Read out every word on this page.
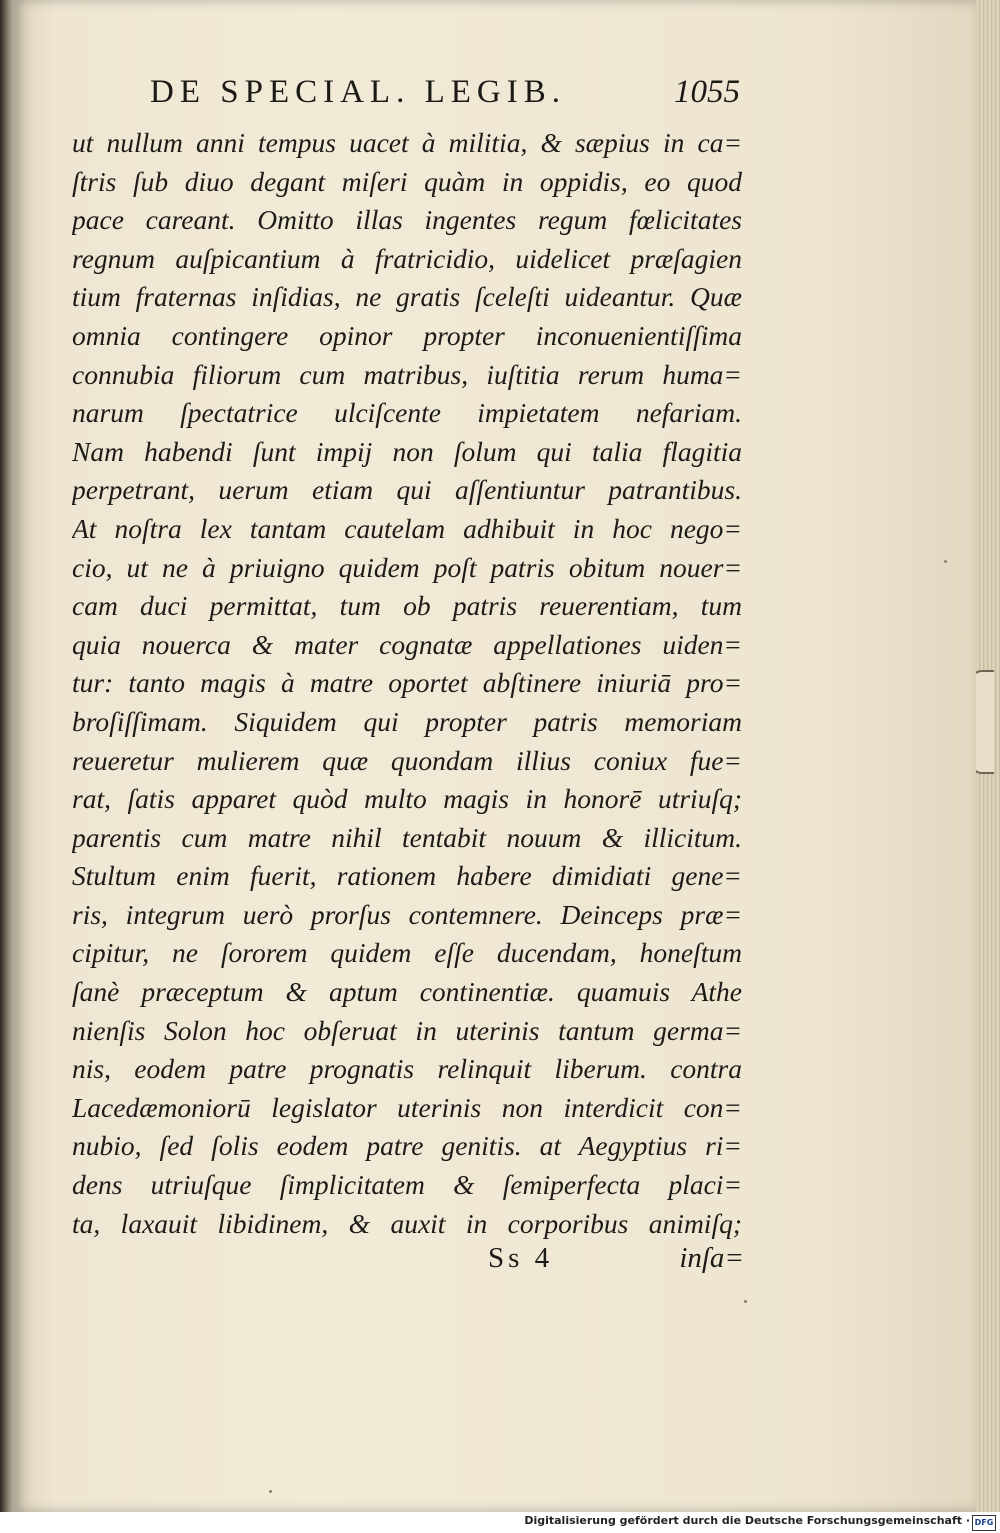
DE SPECIAL. LEGIB.	1055
ut nullum anni tempus uacet à militia, & sæpius in ca=
ſtris ſub diuo degant miſeri quàm in oppidis, eo quod
pace careant. Omitto illas ingentes regum fœlicitates
regnum auſpicantium à fratricidio, uidelicet præſagien
tium fraternas inſidias, ne gratis ſceleſti uideantur. Quæ
omnia contingere opinor propter inconuenientiſſima
connubia filiorum cum matribus, iuſtitia rerum huma=
narum ſpectatrice ulciſcente impietatem nefariam.
Nam habendi ſunt impij non ſolum qui talia flagitia
perpetrant, uerum etiam qui aſſentiuntur patrantibus.
At noſtra lex tantam cautelam adhibuit in hoc nego=
cio, ut ne à priuigno quidem poſt patris obitum nouer=
cam duci permittat, tum ob patris reuerentiam, tum
quia nouerca & mater cognatæ appellationes uiden=
tur: tanto magis à matre oportet abſtinere iniuriā pro=
broſiſſimam. Siquidem qui propter patris memoriam
reueretur mulierem quæ quondam illius coniux fue=
rat, ſatis apparet quòd multo magis in honorē utriuſq;
parentis cum matre nihil tentabit nouum & illicitum.
Stultum enim fuerit, rationem habere dimidiati gene=
ris, integrum uerò prorſus contemnere. Deinceps præ=
cipitur, ne ſororem quidem eſſe ducendam, honeſtum
ſanè præceptum & aptum continentiæ. quamuis Athe
nienſis Solon hoc obſeruat in uterinis tantum germa=
nis, eodem patre prognatis relinquit liberum. contra
Lacedæmoniorū legislator uterinis non interdicit con=
nubio, ſed ſolis eodem patre genitis. at Aegyptius ri=
dens utriuſque ſimplicitatem & ſemiperfecta placi=
ta, laxauit libidinem, & auxit in corporibus animiſq;
Ss 4	inſa=
Digitalisierung gefördert durch die Deutsche Forschungsgemeinschaft · DFG
